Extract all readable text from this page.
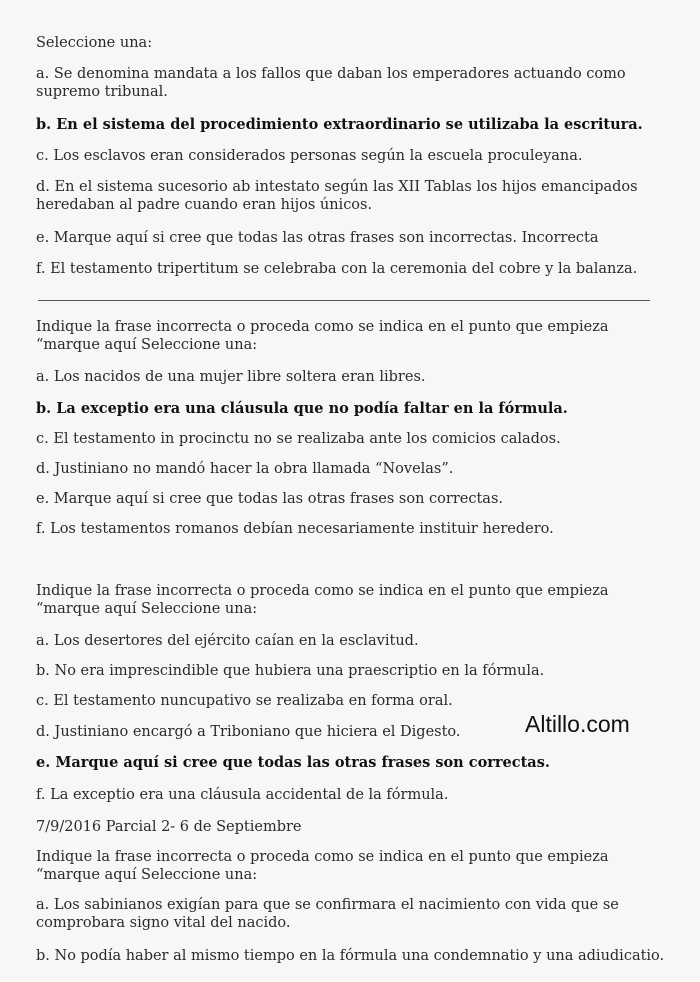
Seleccione una:
a. Se denomina mandata a los fallos que daban los emperadores actuando como supremo tribunal.
b. En el sistema del procedimiento extraordinario se utilizaba la escritura.
c. Los esclavos eran considerados personas según la escuela proculeyana.
d. En el sistema sucesorio ab intestato según las XII Tablas los hijos emancipados heredaban al padre cuando eran hijos únicos.
e. Marque aquí si cree que todas las otras frases son incorrectas. Incorrecta
f. El testamento tripertitum se celebraba con la ceremonia del cobre y la balanza.
Indique la frase incorrecta o proceda como se indica en el punto que empieza “marque aquí Seleccione una:
a. Los nacidos de una mujer libre soltera eran libres.
b. La exceptio era una cláusula que no podía faltar en la fórmula.
c. El testamento in procinctu no se realizaba ante los comicios calados.
d. Justiniano no mandó hacer la obra llamada “Novelas”.
e. Marque aquí si cree que todas las otras frases son correctas.
f. Los testamentos romanos debían necesariamente instituir heredero.
Indique la frase incorrecta o proceda como se indica en el punto que empieza “marque aquí Seleccione una:
a. Los desertores del ejército caían en la esclavitud.
b. No era imprescindible que hubiera una praescriptio en la fórmula.
c. El testamento nuncupativo se realizaba en forma oral.
d. Justiniano encargó a Triboniano que hiciera el Digesto.
e. Marque aquí si cree que todas las otras frases son correctas.
f. La exceptio era una cláusula accidental de la fórmula.
7/9/2016 Parcial 2- 6 de Septiembre
Indique la frase incorrecta o proceda como se indica en el punto que empieza “marque aquí Seleccione una:
a. Los sabinianos exigían para que se confirmara el nacimiento con vida que se comprobara signo vital del nacido.
b. No podía haber al mismo tiempo en la fórmula una condemnatio y una adiudicatio.
Altillo.com
